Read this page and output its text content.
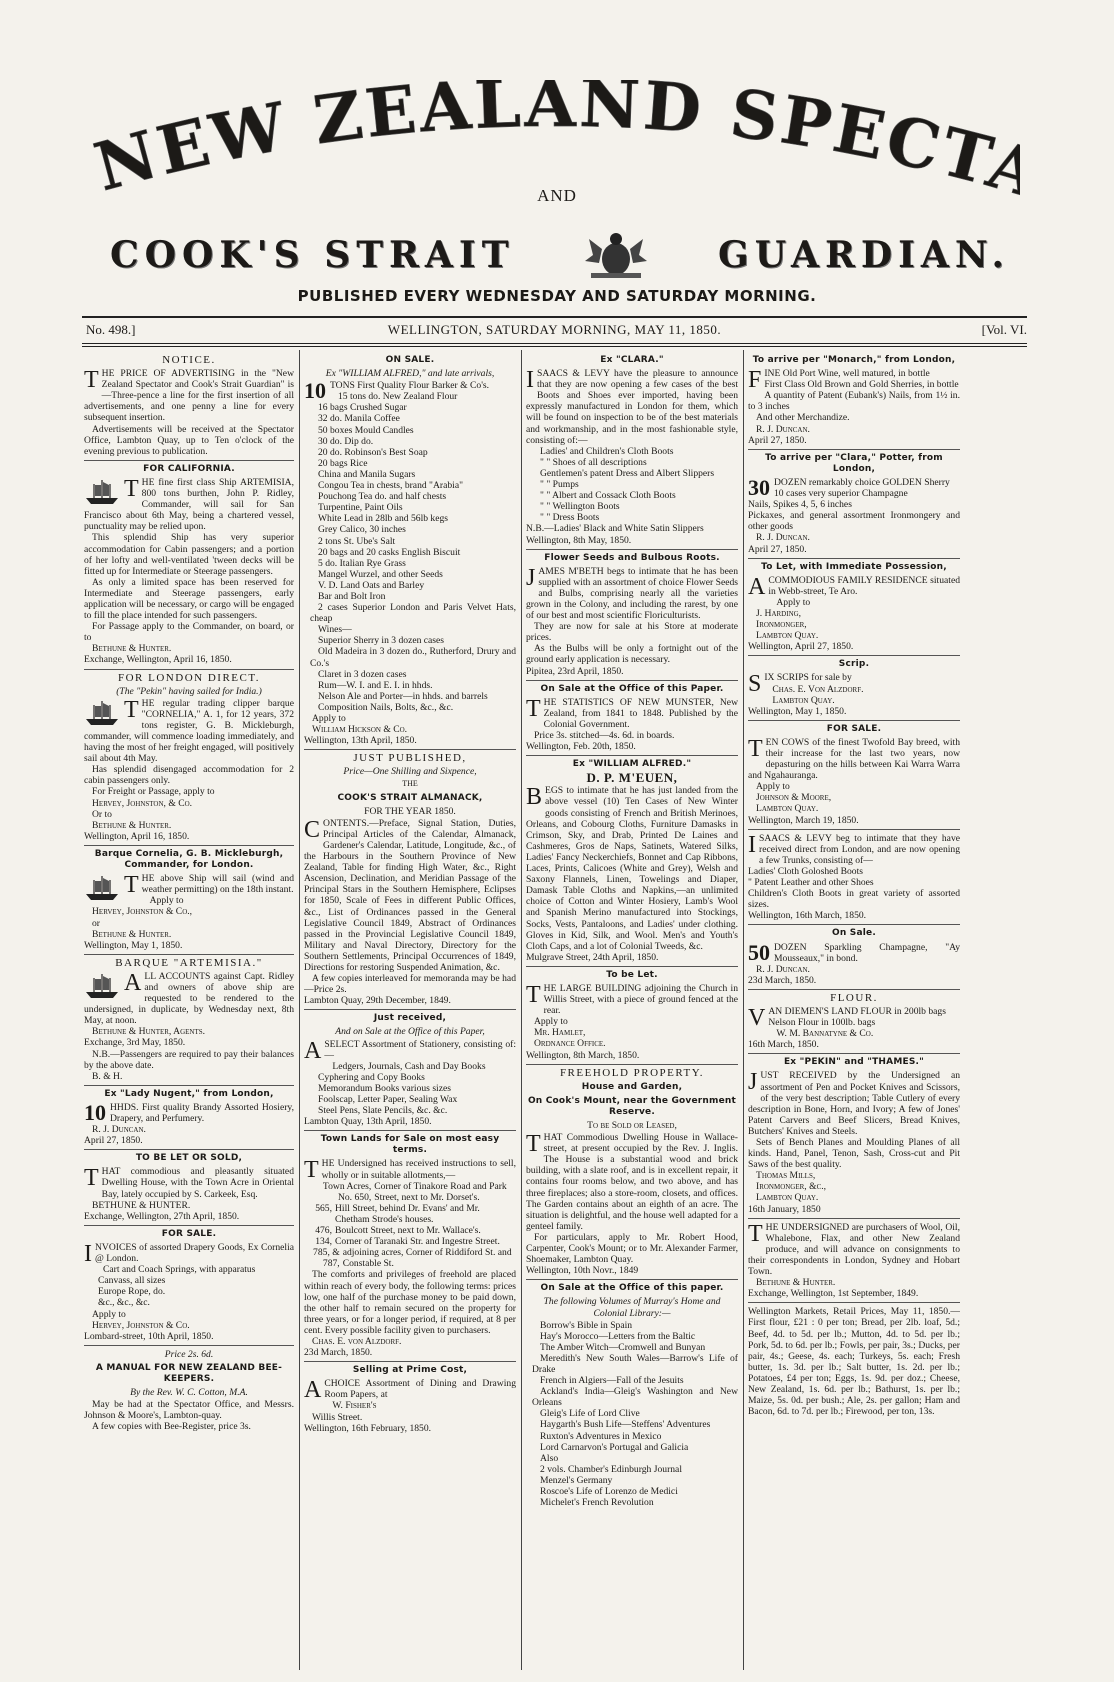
NEW ZEALAND SPECT
AND
COOK'S STRAIT	GUARDIAN.
PUBLISHED EVERY WEDNESDAY AND SATURDAY MORNING.
No. 498.]	WELLINGTON, SATURDAY MORNING, MAY 11, 1850.	[Vol. VI.
NOTICE.

THE PRICE OF ADVERTISING in the "New Zealand Spectator and Cook's Strait Guardian" is—Three-pence a line for the first insertion of all advertisements, and one penny a line for every subsequent insertion.

Advertisements will be received at the Spectator Office, Lambton Quay, up to Ten o'clock of the evening previous to publication.

FOR CALIFORNIA.

THE fine first class Ship ARTEMISIA, 800 tons burthen, John P. Ridley, Commander, will sail for San Francisco about 6th May, being a chartered vessel, punctuality may be relied upon.

This splendid Ship has very superior accommodation for Cabin passengers; and a portion of her lofty and well-ventilated 'tween decks will be fitted up for Intermediate or Steerage passengers.

As only a limited space has been reserved for Intermediate and Steerage passengers, early application will be necessary, or cargo will be engaged to fill the place intended for such passengers.

For Passage apply to the Commander, on board, or to

Bethune & Hunter.

Exchange, Wellington, April 16, 1850.

FOR LONDON DIRECT.
(The "Pekin" having sailed for India.)

THE regular trading clipper barque "CORNELIA," A. 1, for 12 years, 372 tons register, G. B. Mickleburgh, commander, will commence loading immediately, and having the most of her freight engaged, will positively sail about 4th May.

Has splendid disengaged accommodation for 2 cabin passengers only.

For Freight or Passage, apply to

Hervey, Johnston, & Co.

Or to

Bethune & Hunter.

Wellington, April 16, 1850.

Barque Cornelia, G. B. Mickleburgh, Commander, for London.

THE above Ship will sail (wind and weather permitting) on the 18th instant.

Apply to

Hervey, Johnston & Co.,

or

Bethune & Hunter.

Wellington, May 1, 1850.

BARQUE "ARTEMISIA."

ALL ACCOUNTS against Capt. Ridley and owners of above ship are requested to be rendered to the undersigned, in duplicate, by Wednesday next, 8th May, at noon.

Bethune & Hunter, Agents.

Exchange, 3rd May, 1850.

N.B.—Passengers are required to pay their balances by the above date.

B. & H.

Ex "Lady Nugent," from London,

10 HHDS. First quality Brandy Assorted Hosiery, Drapery, and Perfumery.

R. J. Duncan.

April 27, 1850.

TO BE LET OR SOLD,

THAT commodious and pleasantly situated Dwelling House, with the Town Acre in Oriental Bay, lately occupied by S. Carkeek, Esq.

BETHUNE & HUNTER.

Exchange, Wellington, 27th April, 1850.

FOR SALE.

INVOICES of assorted Drapery Goods, Ex Cornelia @ London.

Cart and Coach Springs, with apparatus

Canvass, all sizes

Europe Rope, do.

&c., &c., &c.

Apply to

Hervey, Johnston & Co.

Lombard-street, 10th April, 1850.

Price 2s. 6d.
A MANUAL FOR NEW ZEALAND BEE-KEEPERS.
By the Rev. W. C. Cotton, M.A.

May be had at the Spectator Office, and Messrs. Johnson & Moore's, Lambton-quay.

A few copies with Bee-Register, price 3s.

ON SALE.
Ex "WILLIAM ALFRED," and late arrivals,

10 TONS First Quality Flour Barker & Co's.

15 tons do. New Zealand Flour

16 bags Crushed Sugar

32 do. Manila Coffee

50 boxes Mould Candles

30 do. Dip do.

20 do. Robinson's Best Soap

20 bags Rice

China and Manila Sugars

Congou Tea in chests, brand "Arabia"

Pouchong Tea do. and half chests

Turpentine, Paint Oils

White Lead in 28lb and 56lb kegs

Grey Calico, 30 inches

2 tons St. Ube's Salt

20 bags and 20 casks English Biscuit

5 do. Italian Rye Grass

Mangel Wurzel, and other Seeds

V. D. Land Oats and Barley

Bar and Bolt Iron

2 cases Superior London and Paris Velvet Hats, cheap

Wines—

Superior Sherry in 3 dozen cases

Old Madeira in 3 dozen do., Rutherford, Drury and Co.'s

Claret in 3 dozen cases

Rum—W. I. and E. I. in hhds.

Nelson Ale and Porter—in hhds. and barrels

Composition Nails, Bolts, &c., &c.

Apply to

William Hickson & Co.

Wellington, 13th April, 1850.

JUST PUBLISHED,
Price—One Shilling and Sixpence,
THE
COOK'S STRAIT ALMANACK,
FOR THE YEAR 1850.

CONTENTS.—Preface, Signal Station, Duties, Principal Articles of the Calendar, Almanack, Gardener's Calendar, Latitude, Longitude, &c., of the Harbours in the Southern Province of New Zealand, Table for finding High Water, &c., Right Ascension, Declination, and Meridian Passage of the Principal Stars in the Southern Hemisphere, Eclipses for 1850, Scale of Fees in different Public Offices, &c., List of Ordinances passed in the General Legislative Council 1849, Abstract of Ordinances passed in the Provincial Legislative Council 1849, Military and Naval Directory, Directory for the Southern Settlements, Principal Occurrences of 1849, Directions for restoring Suspended Animation, &c.

A few copies interleaved for memoranda may be had—Price 2s.

Lambton Quay, 29th December, 1849.

Just received,
And on Sale at the Office of this Paper,

ASELECT Assortment of Stationery, consisting of:—

Ledgers, Journals, Cash and Day Books

Cyphering and Copy Books

Memorandum Books various sizes

Foolscap, Letter Paper, Sealing Wax

Steel Pens, Slate Pencils, &c. &c.

Lambton Quay, 13th April, 1850.

Town Lands for Sale on most easy terms.

THE Undersigned has received instructions to sell, wholly or in suitable allotments,—

Town Acres, No. 650,
Corner of Tinakore Road and Park Street, next to Mr. Dorset's.
565, Hill Street, behind Dr. Evans' and Mr. Chetham Strode's houses.
476, Boulcott Street, next to Mr. Wallace's.
134, Corner of Taranaki Str. and Ingestre Street.
785, & 787,
adjoining acres, Corner of Riddiford St. and Constable St.

The comforts and privileges of freehold are placed within reach of every body, the following terms: prices low, one half of the purchase money to be paid down, the other half to remain secured on the property for three years, or for a longer period, if required, at 8 per cent. Every possible facility given to purchasers.

Chas. E. von Alzdorf.

23d March, 1850.

Selling at Prime Cost,

ACHOICE Assortment of Dining and Drawing Room Papers, at

W. Fisher's

Willis Street.

Wellington, 16th February, 1850.

Ex "CLARA."

ISAACS & LEVY have the pleasure to announce that they are now opening a few cases of the best Boots and Shoes ever imported, having been expressly manufactured in London for them, which will be found on inspection to be of the best materials and workmanship, and in the most fashionable style, consisting of:—

Ladies' and Children's Cloth Boots

" " Shoes of all descriptions

Gentlemen's patent Dress and Albert Slippers

" " Pumps

" " Albert and Cossack Cloth Boots

" " Wellington Boots

" " Dress Boots

N.B.—Ladies' Black and White Satin Slippers

Wellington, 8th May, 1850.

Flower Seeds and Bulbous Roots.

JAMES M'BETH begs to intimate that he has been supplied with an assortment of choice Flower Seeds and Bulbs, comprising nearly all the varieties grown in the Colony, and including the rarest, by one of our best and most scientific Floriculturists.

They are now for sale at his Store at moderate prices.

As the Bulbs will be only a fortnight out of the ground early application is necessary.

Pipitea, 23rd April, 1850.

On Sale at the Office of this Paper.

THE STATISTICS OF NEW MUNSTER, New Zealand, from 1841 to 1848. Published by the Colonial Government.

Price 3s. stitched—4s. 6d. in boards.

Wellington, Feb. 20th, 1850.

Ex "WILLIAM ALFRED."
D. P. M'EUEN,

BEGS to intimate that he has just landed from the above vessel (10) Ten Cases of New Winter goods consisting of French and British Merinoes, Orleans, and Cobourg Cloths, Furniture Damasks in Crimson, Sky, and Drab, Printed De Laines and Cashmeres, Gros de Naps, Satinets, Watered Silks, Ladies' Fancy Neckerchiefs, Bonnet and Cap Ribbons, Laces, Prints, Calicoes (White and Grey), Welsh and Saxony Flannels, Linen, Towelings and Diaper, Damask Table Cloths and Napkins,—an unlimited choice of Cotton and Winter Hosiery, Lamb's Wool and Spanish Merino manufactured into Stockings, Socks, Vests, Pantaloons, and Ladies' under clothing. Gloves in Kid, Silk, and Wool. Men's and Youth's Cloth Caps, and a lot of Colonial Tweeds, &c.

Mulgrave Street, 24th April, 1850.

To be Let.

THE LARGE BUILDING adjoining the Church in Willis Street, with a piece of ground fenced at the rear.

Apply to

Mr. Hamlet,

Ordnance Office.

Wellington, 8th March, 1850.

FREEHOLD PROPERTY.
House and Garden,
On Cook's Mount, near the Government Reserve.
To be Sold or Leased,

THAT Commodious Dwelling House in Wallace-street, at present occupied by the Rev. J. Inglis. The House is a substantial wood and brick building, with a slate roof, and is in excellent repair, it contains four rooms below, and two above, and has three fireplaces; also a store-room, closets, and offices. The Garden contains about an eighth of an acre. The situation is delightful, and the house well adapted for a genteel family.

For particulars, apply to Mr. Robert Hood, Carpenter, Cook's Mount; or to Mr. Alexander Farmer, Shoemaker, Lambton Quay.

Wellington, 10th Novr., 1849

On Sale at the Office of this paper.
The following Volumes of Murray's Home and Colonial Library:—

Borrow's Bible in Spain

Hay's Morocco—Letters from the Baltic

The Amber Witch—Cromwell and Bunyan

Meredith's New South Wales—Barrow's Life of Drake

French in Algiers—Fall of the Jesuits

Ackland's India—Gleig's Washington and New Orleans

Gleig's Life of Lord Clive

Haygarth's Bush Life—Steffens' Adventures

Ruxton's Adventures in Mexico

Lord Carnarvon's Portugal and Galicia

Also

2 vols. Chamber's Edinburgh Journal

Menzel's Germany

Roscoe's Life of Lorenzo de Medici

Michelet's French Revolution

To arrive per "Monarch," from London,

FINE Old Port Wine, well matured, in bottle

First Class Old Brown and Gold Sherries, in bottle

A quantity of Patent (Eubank's) Nails, from 1½ in. to 3 inches

And other Merchandize.

R. J. Duncan.

April 27, 1850.

To arrive per "Clara," Potter, from London,

30 DOZEN remarkably choice GOLDEN Sherry

10 cases very superior Champagne

Nails, Spikes 4, 5, 6 inches

Pickaxes, and general assortment Ironmongery and other goods

R. J. Duncan.

April 27, 1850.

To Let, with Immediate Possession,

ACOMMODIOUS FAMILY RESIDENCE situated in Webb-street, Te Aro.

Apply to

J. Harding,

Ironmonger,

Lambton Quay.

Wellington, April 27, 1850.

Scrip.

SIX SCRIPS for sale by

Chas. E. Von Alzdorf.

Lambton Quay.

Wellington, May 1, 1850.

FOR SALE.

TEN COWS of the finest Twofold Bay breed, with their increase for the last two years, now depasturing on the hills between Kai Warra Warra and Ngahauranga.

Apply to

Johnson & Moore,

Lambton Quay.

Wellington, March 19, 1850.

ISAACS & LEVY beg to intimate that they have received direct from London, and are now opening a few Trunks, consisting of—

Ladies' Cloth Goloshed Boots

" Patent Leather and other Shoes

Children's Cloth Boots in great variety of assorted sizes.

Wellington, 16th March, 1850.

On Sale.

50 DOZEN Sparkling Champagne, "Ay Mousseaux," in bond.

R. J. Duncan.

23d March, 1850.

FLOUR.

VAN DIEMEN'S LAND FLOUR in 200lb bags

Nelson Flour in 100lb. bags

W. M. Bannatyne & Co.

16th March, 1850.

Ex "PEKIN" and "THAMES."

JUST RECEIVED by the Undersigned an assortment of Pen and Pocket Knives and Scissors, of the very best description; Table Cutlery of every description in Bone, Horn, and Ivory; A few of Jones' Patent Carvers and Beef Slicers, Bread Knives, Butchers' Knives and Steels.

Sets of Bench Planes and Moulding Planes of all kinds. Hand, Panel, Tenon, Sash, Cross-cut and Pit Saws of the best quality.

Thomas Mills,

Ironmonger, &c.,

Lambton Quay.

16th January, 1850

THE UNDERSIGNED are purchasers of Wool, Oil, Whalebone, Flax, and other New Zealand produce, and will advance on consignments to their correspondents in London, Sydney and Hobart Town.

Bethune & Hunter.

Exchange, Wellington, 1st September, 1849.

Wellington Markets, Retail Prices, May 11, 1850.—First flour, £21 : 0 per ton; Bread, per 2lb. loaf, 5d.; Beef, 4d. to 5d. per lb.; Mutton, 4d. to 5d. per lb.; Pork, 5d. to 6d. per lb.; Fowls, per pair, 3s.; Ducks, per pair, 4s.; Geese, 4s. each; Turkeys, 5s. each; Fresh butter, 1s. 3d. per lb.; Salt butter, 1s. 2d. per lb.; Potatoes, £4 per ton; Eggs, 1s. 9d. per doz.; Cheese, New Zealand, 1s. 6d. per lb.; Bathurst, 1s. per lb.; Maize, 5s. 0d. per bush.; Ale, 2s. per gallon; Ham and Bacon, 6d. to 7d. per lb.; Firewood, per ton, 13s.
